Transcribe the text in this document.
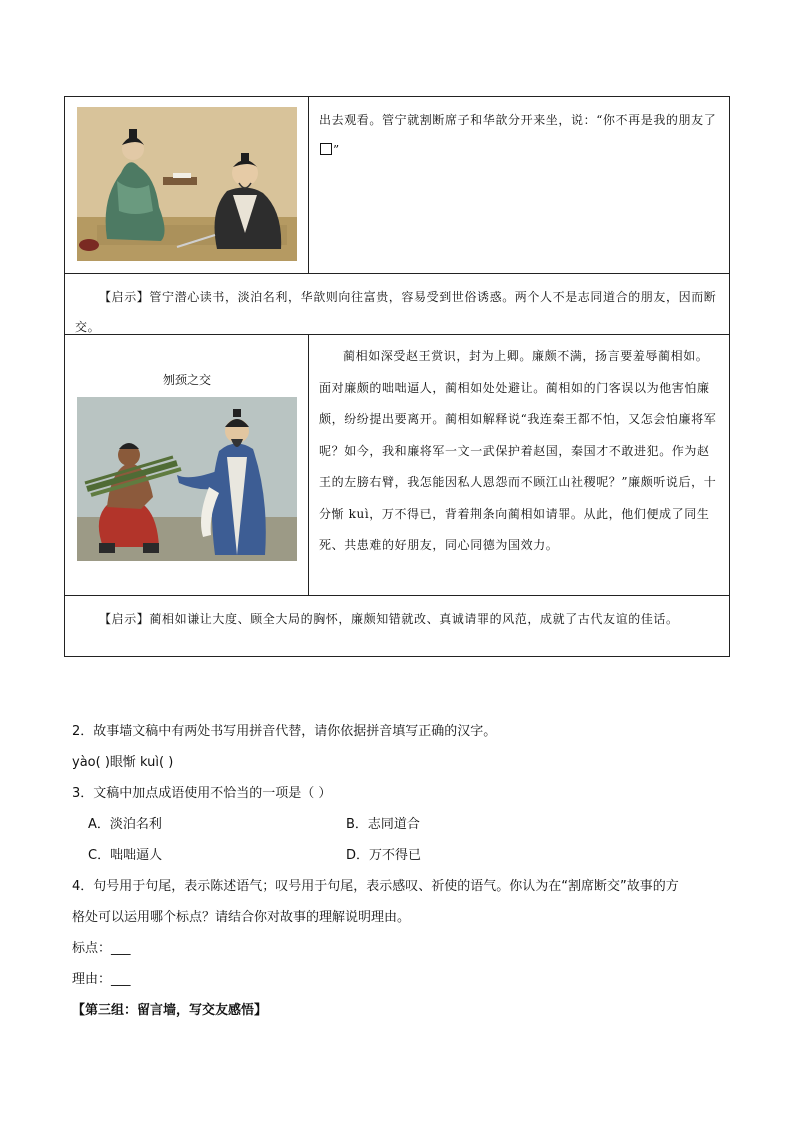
出去观看。管宁就割断席子和华歆分开来坐，说：“你不再是我的朋友了”

【启示】管宁潜心读书，淡泊名利，华歆则向往富贵，容易受到世俗诱惑。两个人不是志同道合的朋友，因而断交。	

刎颈之交	蔺相如深受赵王赏识，封为上卿。廉颇不满，扬言要羞辱蔺相如。面对廉颇的咄咄逼人，蔺相如处处避让。蔺相如的门客误以为他害怕廉颇，纷纷提出要离开。蔺相如解释说“我连秦王都不怕，又怎会怕廉将军呢？如今，我和廉将军一文一武保护着赵国，秦国才不敢进犯。作为赵王的左膀右臂，我怎能因私人恩怨而不顾江山社稷呢？”廉颇听说后，十分惭 kuì，万不得已，背着荆条向蔺相如请罪。从此，他们便成了同生死、共患难的好朋友，同心同德为国效力。

【启示】蔺相如谦让大度、顾全大局的胸怀，廉颇知错就改、真诚请罪的风范，成就了古代友谊的佳话。	
2．故事墙文稿中有两处书写用拼音代替，请你依据拼音填写正确的汉字。
yào( )眼惭 kuì( )
3．文稿中加点成语使用不恰当的一项是（ ）
A．淡泊名利	B．志同道合
C．咄咄逼人	D．万不得已
4．句号用于句尾，表示陈述语气；叹号用于句尾，表示感叹、祈使的语气。你认为在“割席断交”故事的方
格处可以运用哪个标点？请结合你对故事的理解说明理由。
标点：___
理由：___
【第三组：留言墙，写交友感悟】
